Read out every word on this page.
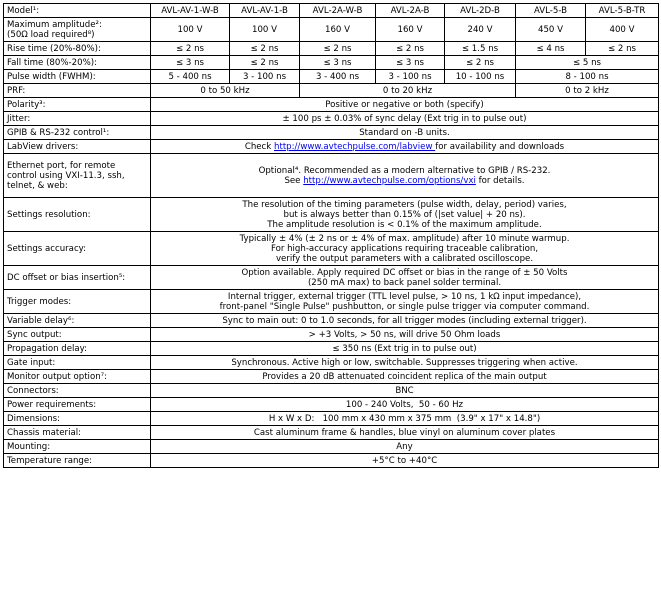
Model¹:	AVL-AV-1-W-B	AVL-AV-1-B	AVL-2A-W-B	AVL-2A-B	AVL-2D-B	AVL-5-B	AVL-5-B-TR

Maximum amplitude²:
(50Ω load required⁸)	100 V	100 V	160 V	160 V	240 V	450 V	400 V
Rise time (20%-80%):	≤ 2 ns	≤ 2 ns	≤ 2 ns	≤ 2 ns	≤ 1.5 ns	≤ 4 ns	≤ 2 ns
Fall time (80%-20%):	≤ 3 ns	≤ 2 ns	≤ 3 ns	≤ 3 ns	≤ 2 ns	≤ 5 ns	
Pulse width (FWHM):	5 - 400 ns	3 - 100 ns	3 - 400 ns	3 - 100 ns	10 - 100 ns	8 - 100 ns	
PRF:	0 to 50 kHz		0 to 20 kHz			0 to 2 kHz	
Polarity³:	Positive or negative or both (specify)						
Jitter:	± 100 ps ± 0.03% of sync delay (Ext trig in to pulse out)						
GPIB & RS-232 control¹:	Standard on -B units.						
LabView drivers:	Check http://www.avtechpulse.com/labview for availability and downloads						
Ethernet port, for remote control using VXI-11.3, ssh, telnet, & web:	Optional⁴. Recommended as a modern alternative to GPIB / RS-232.
See http://www.avtechpulse.com/options/vxi for details.						

Settings resolution:	The resolution of the timing parameters (pulse width, delay, period) varies,
but is always better than 0.15% of (|set value| + 20 ns).
The amplitude resolution is < 0.1% of the maximum amplitude.						

Settings accuracy:	Typically ± 4% (± 2 ns or ± 4% of max. amplitude) after 10 minute warmup.
For high-accuracy applications requiring traceable calibration,
verify the output parameters with a calibrated oscilloscope.						

DC offset or bias insertion⁵:	Option available. Apply required DC offset or bias in the range of ± 50 Volts
(250 mA max) to back panel solder terminal.						

Trigger modes:	Internal trigger, external trigger (TTL level pulse, > 10 ns, 1 kΩ input impedance),
front-panel "Single Pulse" pushbutton, or single pulse trigger via computer command.						

Variable delay⁶:	Sync to main out: 0 to 1.0 seconds, for all trigger modes (including external trigger).						
Sync output:	> +3 Volts, > 50 ns, will drive 50 Ohm loads						
Propagation delay:	≤ 350 ns (Ext trig in to pulse out)						
Gate input:	Synchronous. Active high or low, switchable. Suppresses triggering when active.						
Monitor output option⁷:	Provides a 20 dB attenuated coincident replica of the main output						
Connectors:	BNC						
Power requirements:	100 - 240 Volts,  50 - 60 Hz						
Dimensions:	H x W x D:   100 mm x 430 mm x 375 mm  (3.9" x 17" x 14.8")						
Chassis material:	Cast aluminum frame & handles, blue vinyl on aluminum cover plates						
Mounting:	Any						
Temperature range:	+5°C to +40°C						
